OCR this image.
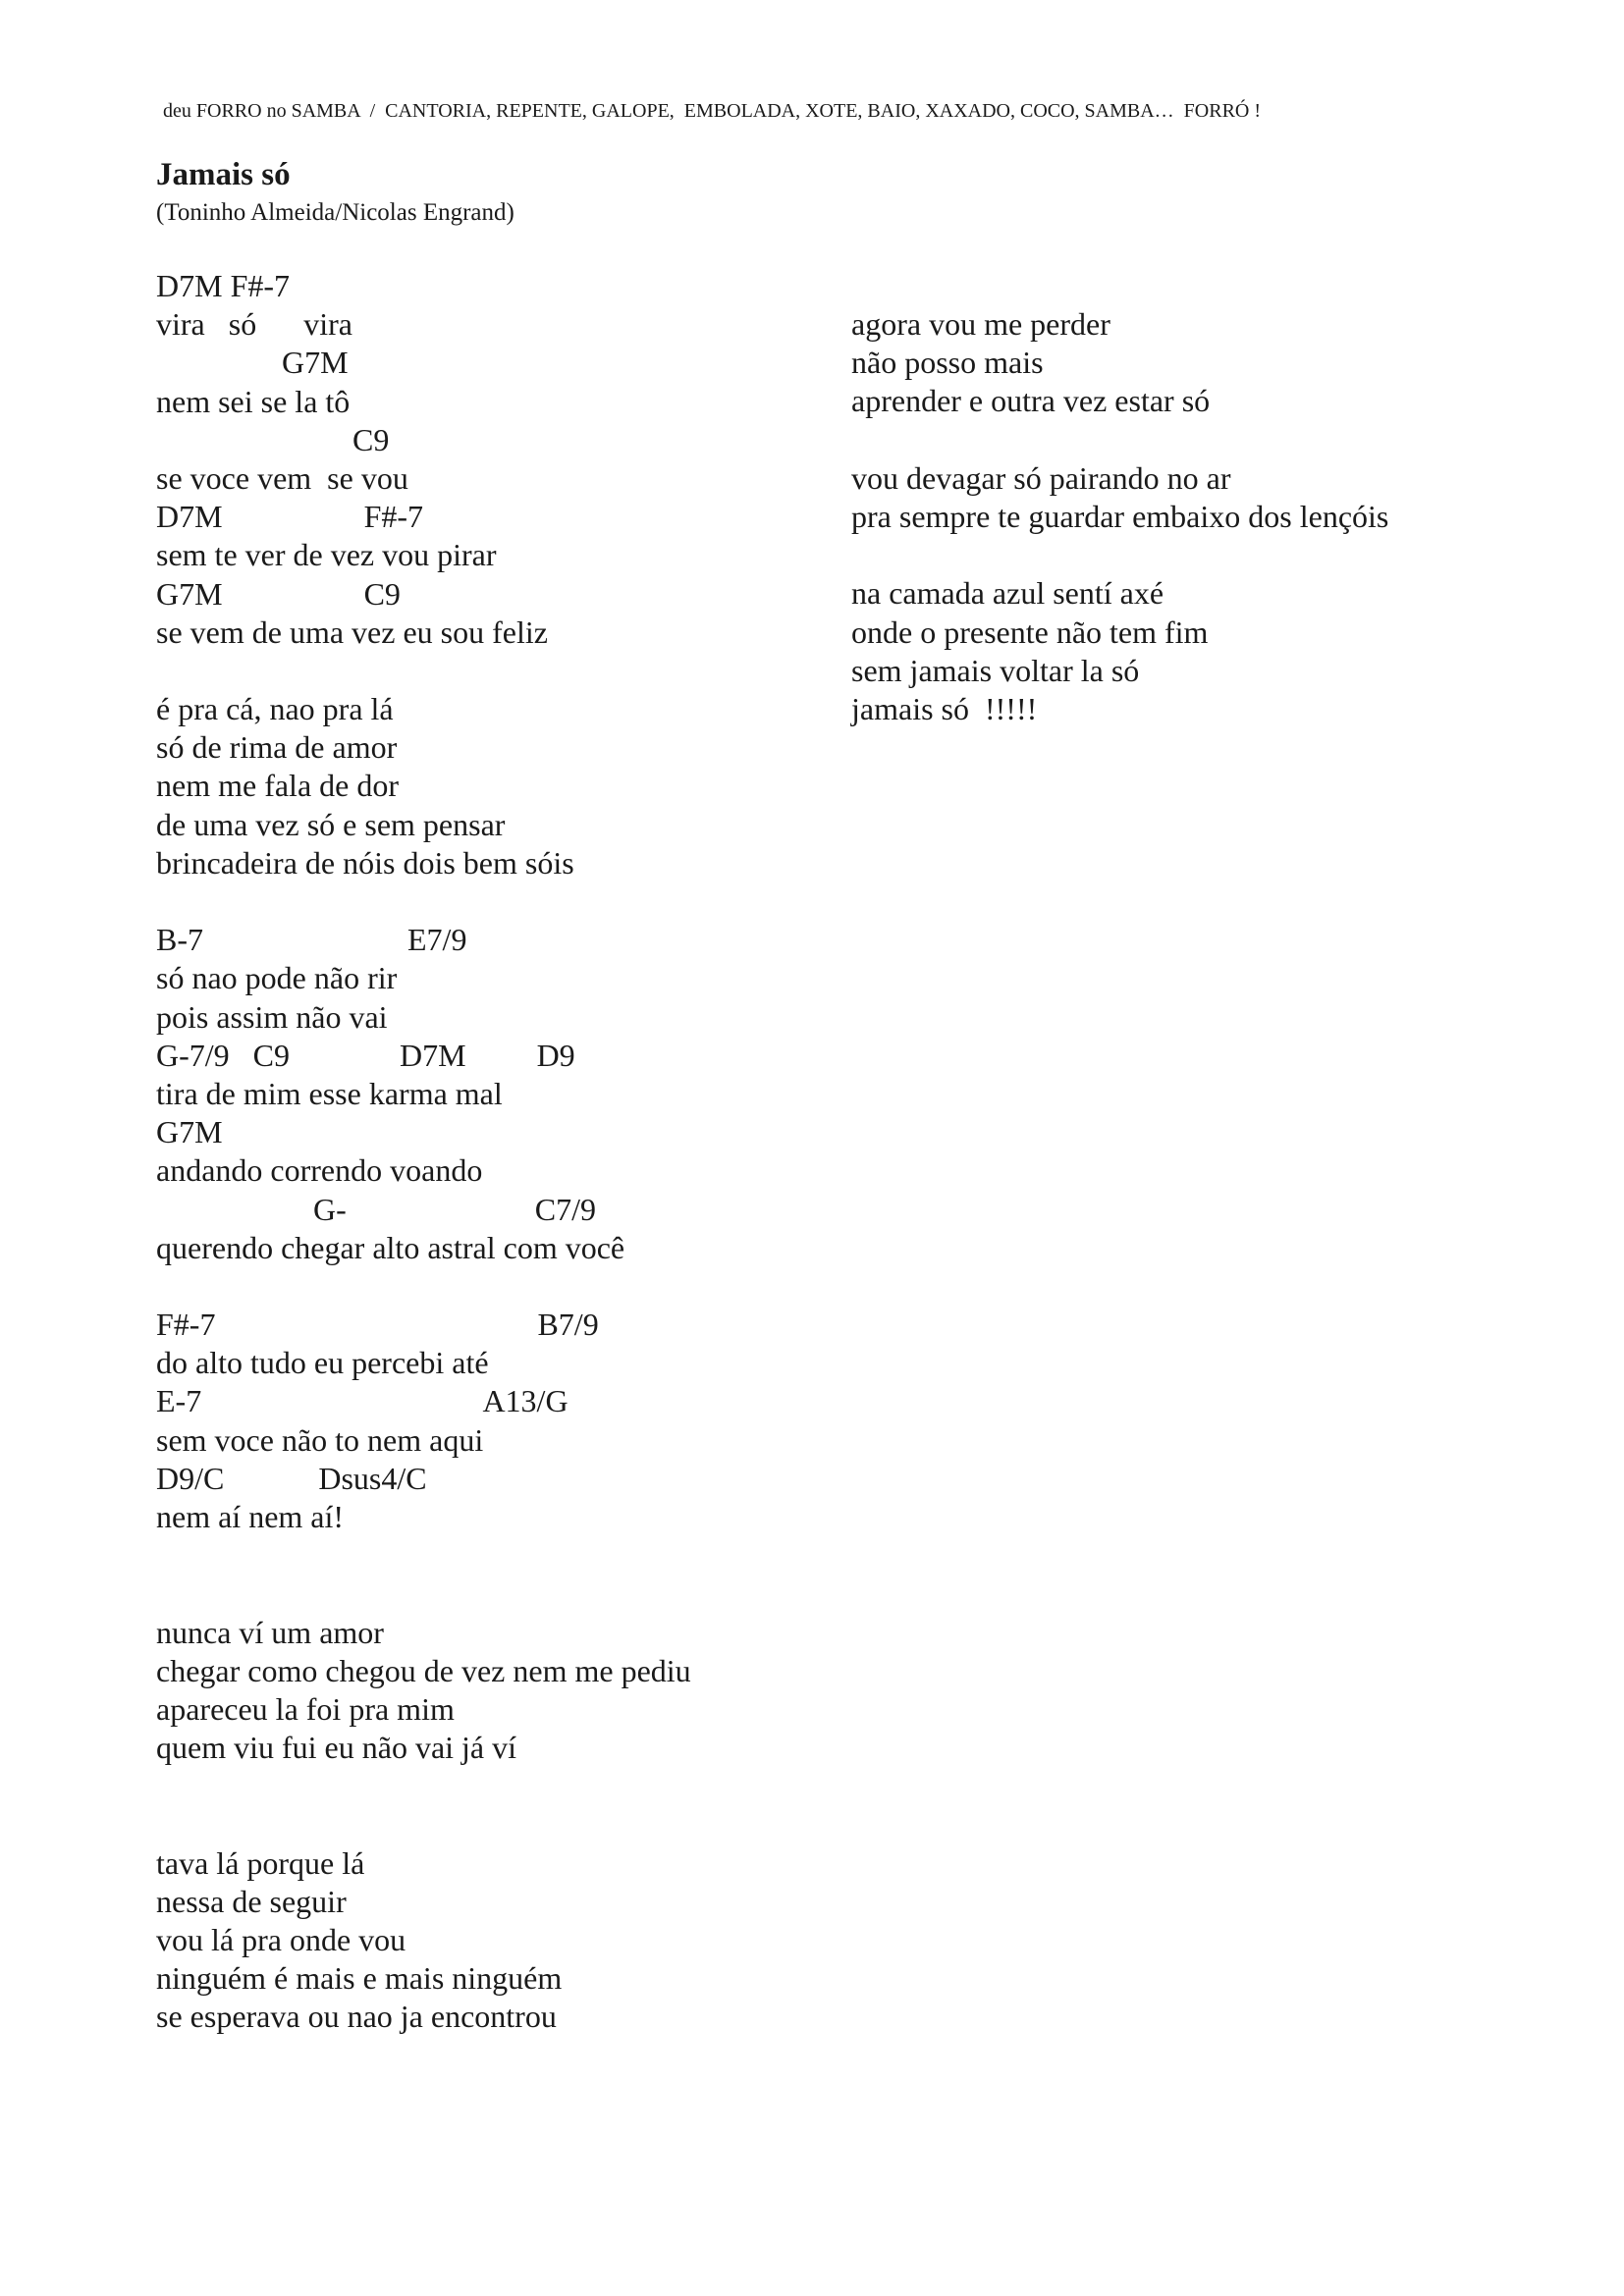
deu FORRO no SAMBA  /  CANTORIA, REPENTE, GALOPE,  EMBOLADA, XOTE, BAIO, XAXADO, COCO, SAMBA…  FORRÓ !
Jamais só
(Toninho Almeida/Nicolas Engrand)
D7M F#-7
vira   só      vira
G7M
nem sei se la tô
C9
se voce vem  se vou
D7M                  F#-7
sem te ver de vez vou pirar
G7M                  C9
se vem de uma vez eu sou feliz
é pra cá, nao pra lá
só de rima de amor
nem me fala de dor
de uma vez só e sem pensar
brincadeira de nóis dois bem sóis
B-7                          E7/9
só nao pode não rir
pois assim não vai
G-7/9   C9              D7M         D9
tira de mim esse karma mal
G7M
andando correndo voando
G-                        C7/9
querendo chegar alto astral com você
F#-7                                         B7/9
do alto tudo eu percebi até
E-7                                    A13/G
sem voce não to nem aqui
D9/C            Dsus4/C
nem aí nem aí!
nunca ví um amor
chegar como chegou de vez nem me pediu
apareceu la foi pra mim
quem viu fui eu não vai já ví
tava lá porque lá
nessa de seguir
vou lá pra onde vou
ninguém é mais e mais ninguém
se esperava ou nao ja encontrou
agora vou me perder
não posso mais
aprender e outra vez estar só
vou devagar só pairando no ar
pra sempre te guardar embaixo dos lençóis
na camada azul sentí axé
onde o presente não tem fim
sem jamais voltar la só
jamais só  !!!!!
